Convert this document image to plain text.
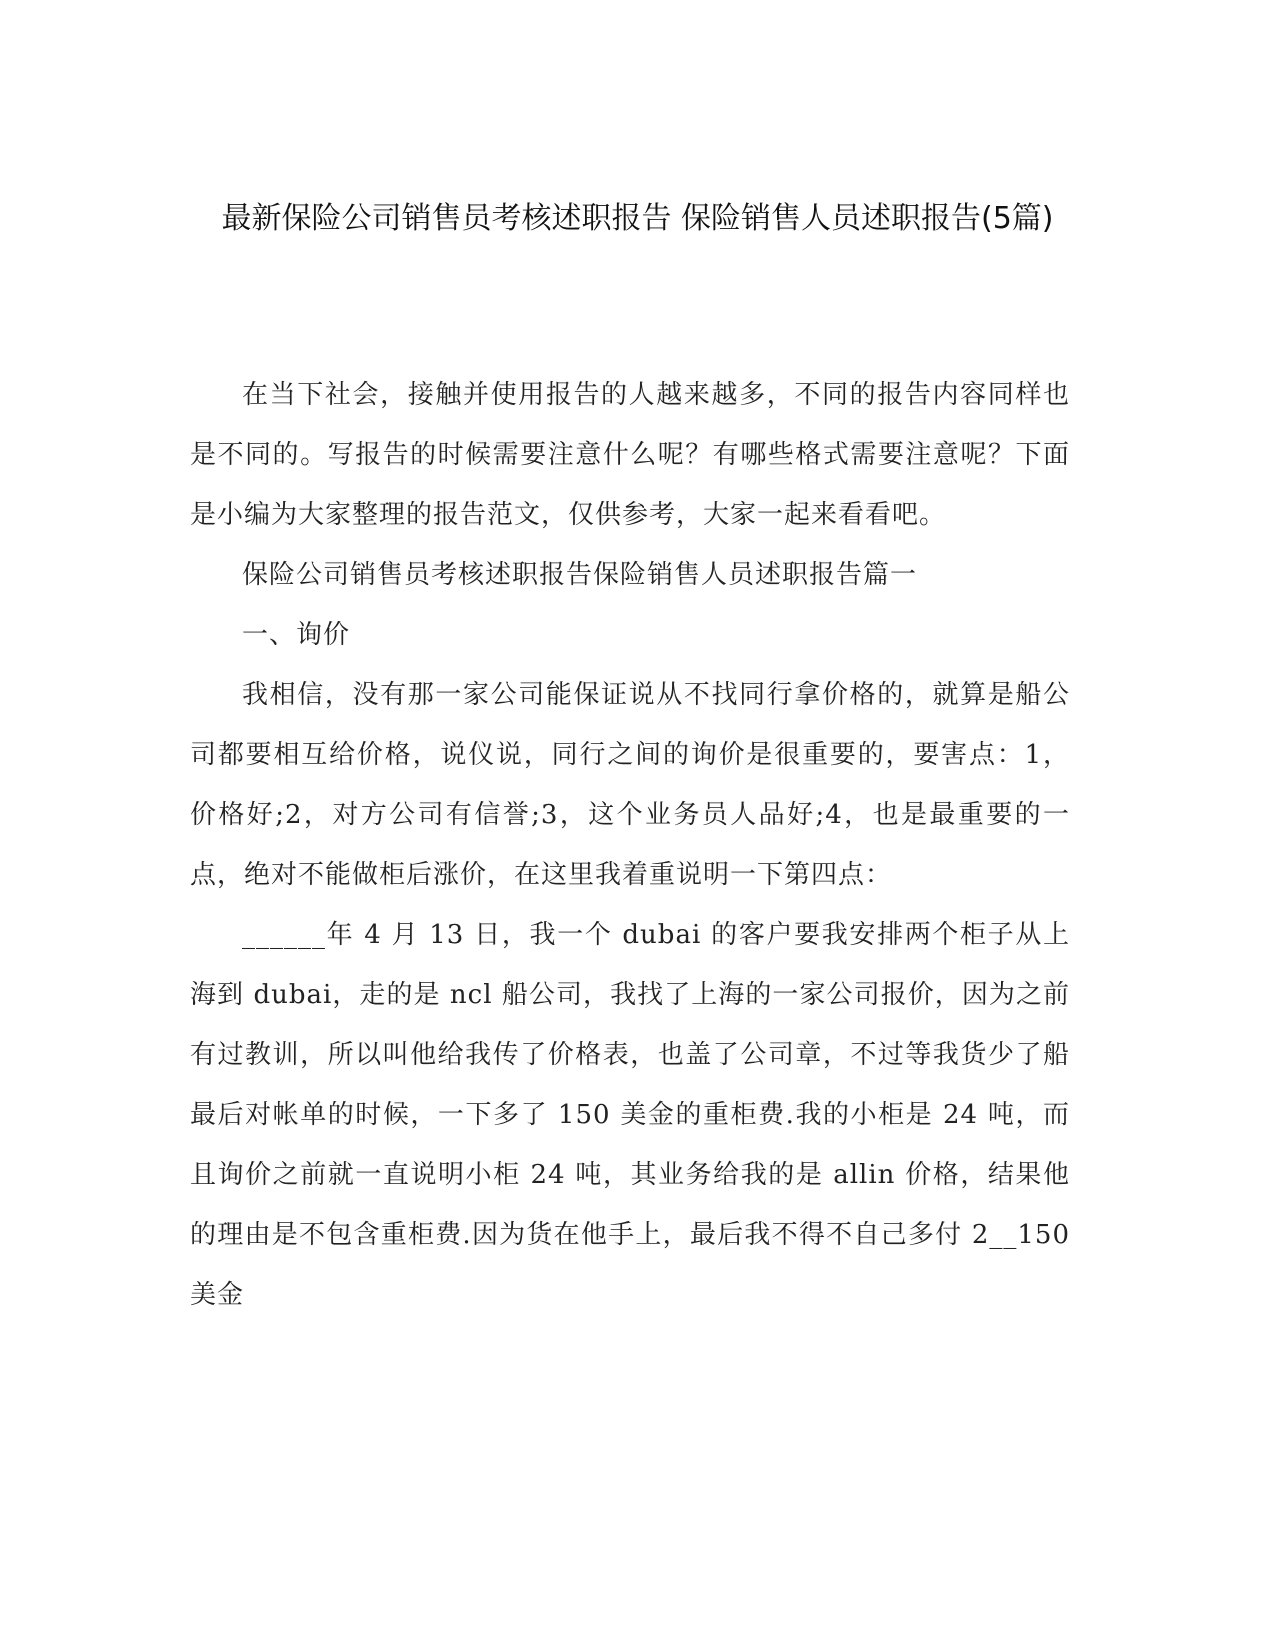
最新保险公司销售员考核述职报告 保险销售人员述职报告(5篇)

在当下社会，接触并使用报告的人越来越多，不同的报告内容同样也是不同的。写报告的时候需要注意什么呢？有哪些格式需要注意呢？下面是小编为大家整理的报告范文，仅供参考，大家一起来看看吧。

保险公司销售员考核述职报告保险销售人员述职报告篇一

一、询价

我相信，没有那一家公司能保证说从不找同行拿价格的，就算是船公司都要相互给价格，说仪说，同行之间的询价是很重要的，要害点：1，价格好;2，对方公司有信誉;3，这个业务员人品好;4，也是最重要的一点，绝对不能做柜后涨价，在这里我着重说明一下第四点：

______年 4 月 13 日，我一个 dubai 的客户要我安排两个柜子从上海到 dubai，走的是 ncl 船公司，我找了上海的一家公司报价，因为之前有过教训，所以叫他给我传了价格表，也盖了公司章，不过等我货少了船最后对帐单的时候，一下多了 150 美金的重柜费.我的小柜是 24 吨，而且询价之前就一直说明小柜 24 吨，其业务给我的是 allin 价格，结果他的理由是不包含重柜费.因为货在他手上，最后我不得不自己多付 2__150 美金
